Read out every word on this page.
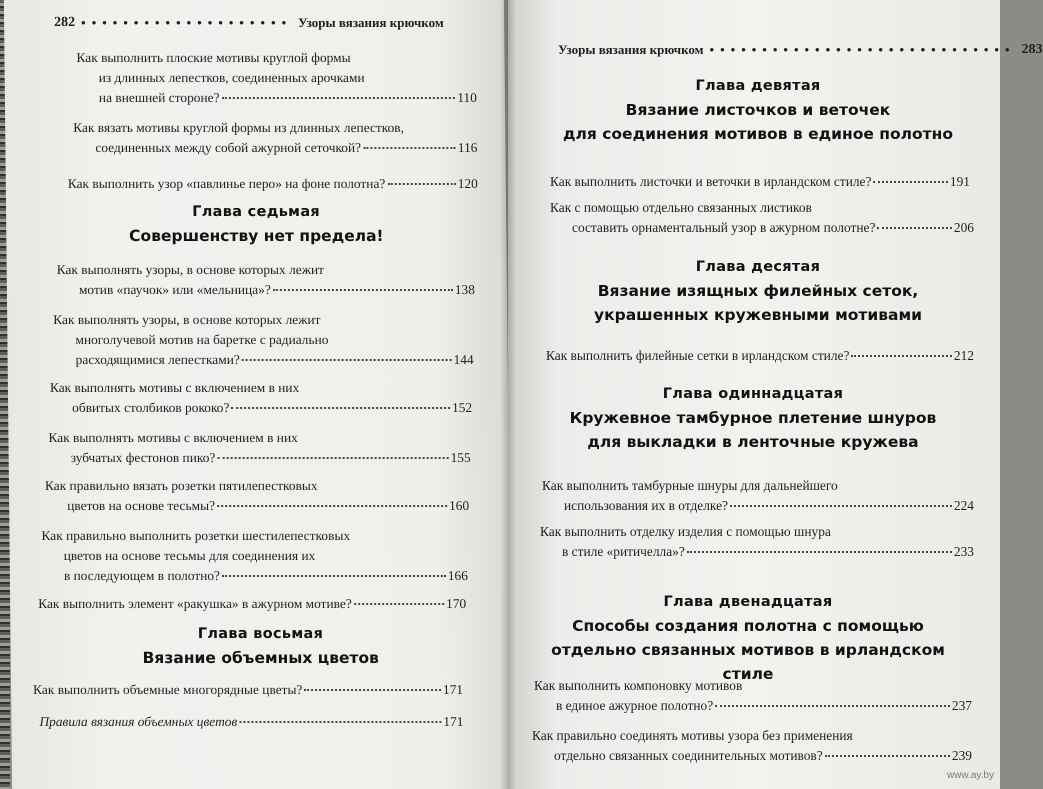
282 •••••••••••••••••••• Узоры вязания крючком
Как выполнить плоские мотивы круглой формы
из длинных лепестков, соединенных арочками
на внешней стороне?	110
Как вязать мотивы круглой формы из длинных лепестков,
соединенных между собой ажурной сеточкой?	116
Как выполнить узор «павлинье перо» на фоне полотна?	120
Глава седьмая
Совершенству нет предела!
Как выполнять узоры, в основе которых лежит
мотив «паучок» или «мельница»?	138
Как выполнять узоры, в основе которых лежит
многолучевой мотив на баретке с радиально
расходящимися лепестками?	144
Как выполнять мотивы с включением в них
обвитых столбиков рококо?	152
Как выполнять мотивы с включением в них
зубчатых фестонов пико?	155
Как правильно вязать розетки пятилепестковых
цветов на основе тесьмы?	160
Как правильно выполнить розетки шестилепестковых
цветов на основе тесьмы для соединения их
в последующем в полотно?	166
Как выполнить элемент «ракушка» в ажурном мотиве?	170
Глава восьмая
Вязание объемных цветов
Как выполнить объемные многорядные цветы?	171
Правила вязания объемных цветов	171
Узоры вязания крючком ••••••••••••••••••••••••••••• 283
Глава девятая
Вязание листочков и веточек
для соединения мотивов в единое полотно
Как выполнить листочки и веточки в ирландском стиле?	191
Как с помощью отдельно связанных листиков
составить орнаментальный узор в ажурном полотне?	206
Глава десятая
Вязание изящных филейных сеток,
украшенных кружевными мотивами
Как выполнить филейные сетки в ирландском стиле?	212
Глава одиннадцатая
Кружевное тамбурное плетение шнуров
для выкладки в ленточные кружева
Как выполнить тамбурные шнуры для дальнейшего
использования их в отделке?	224
Как выполнить отделку изделия с помощью шнура
в стиле «ритичелла»?	233
Глава двенадцатая
Способы создания полотна с помощью
отдельно связанных мотивов в ирландском стиле
Как выполнить компоновку мотивов
в единое ажурное полотно?	237
Как правильно соединять мотивы узора без применения
отдельно связанных соединительных мотивов?	239
www.ay.by
